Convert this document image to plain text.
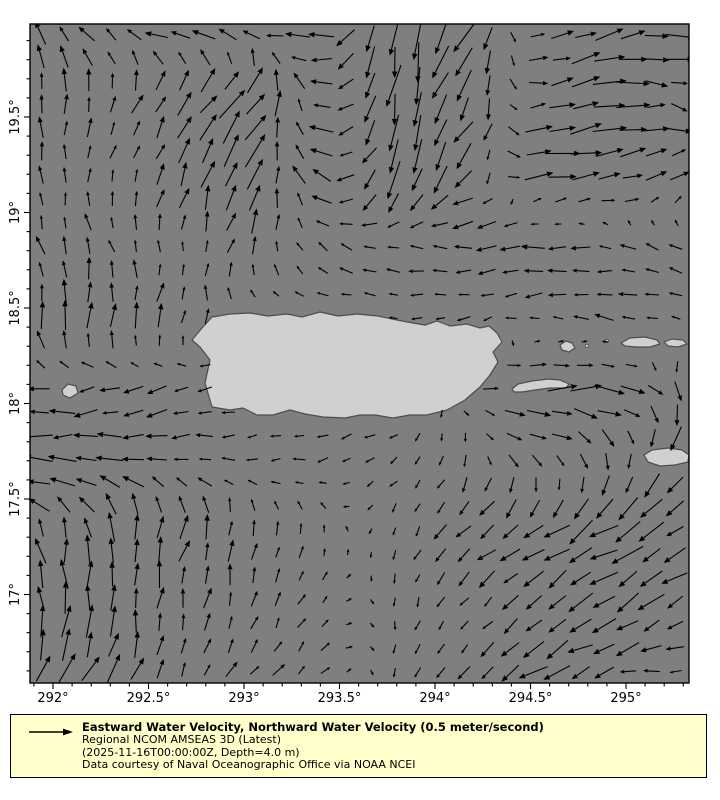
292°	292.5°	293°	293.5°	294°	294.5°	295°
17°
17.5°
18°
18.5°
19°
19.5°
Eastward Water Velocity, Northward Water Velocity (0.5 meter/second)
Regional NCOM AMSEAS 3D (Latest)
(2025-11-16T00:00:00Z, Depth=4.0 m)
Data courtesy of Naval Oceanographic Office via NOAA NCEI
